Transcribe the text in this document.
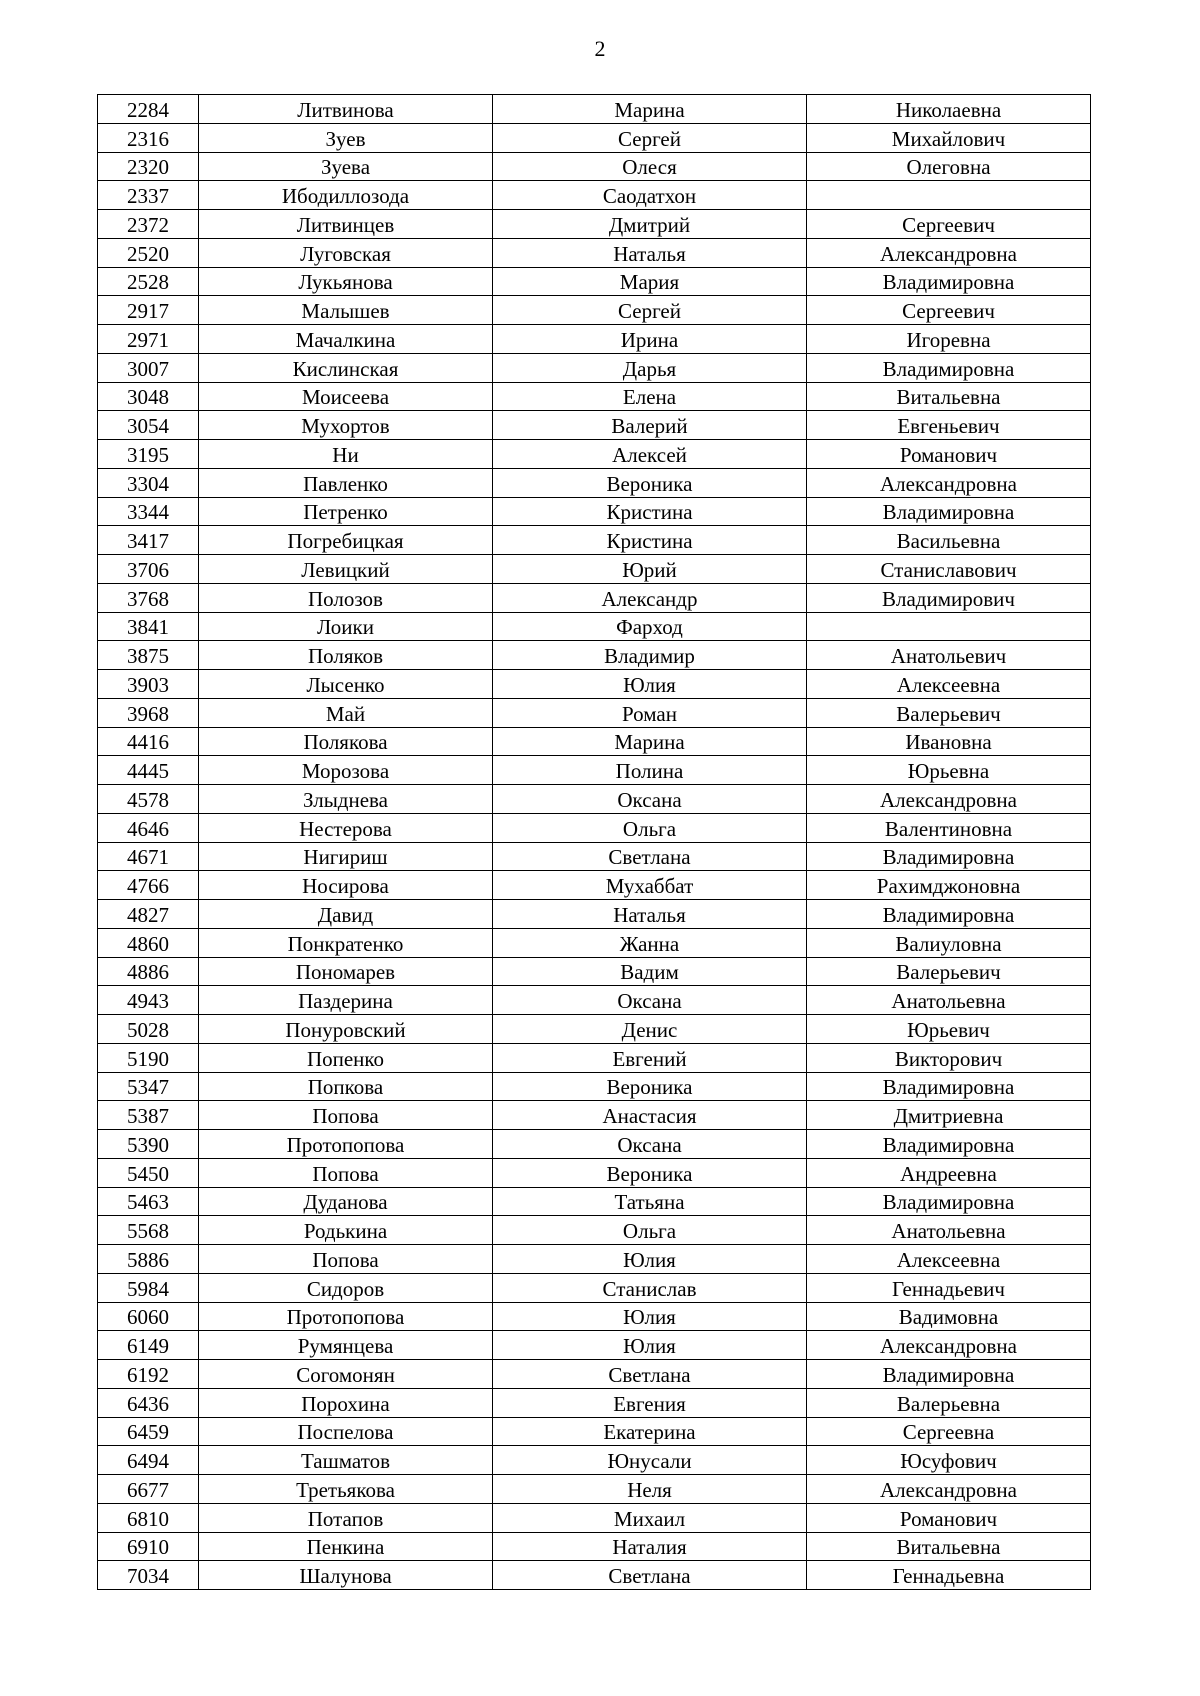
2
2284	Литвинова	Марина	Николаевна
2316	Зуев	Сергей	Михайлович
2320	Зуева	Олеся	Олеговна
2337	Ибодиллозода	Саодатхон	
2372	Литвинцев	Дмитрий	Сергеевич
2520	Луговская	Наталья	Александровна
2528	Лукьянова	Мария	Владимировна
2917	Малышев	Сергей	Сергеевич
2971	Мачалкина	Ирина	Игоревна
3007	Кислинская	Дарья	Владимировна
3048	Моисеева	Елена	Витальевна
3054	Мухортов	Валерий	Евгеньевич
3195	Ни	Алексей	Романович
3304	Павленко	Вероника	Александровна
3344	Петренко	Кристина	Владимировна
3417	Погребицкая	Кристина	Васильевна
3706	Левицкий	Юрий	Станиславович
3768	Полозов	Александр	Владимирович
3841	Лоики	Фарход	
3875	Поляков	Владимир	Анатольевич
3903	Лысенко	Юлия	Алексеевна
3968	Май	Роман	Валерьевич
4416	Полякова	Марина	Ивановна
4445	Морозова	Полина	Юрьевна
4578	Злыднева	Оксана	Александровна
4646	Нестерова	Ольга	Валентиновна
4671	Нигириш	Светлана	Владимировна
4766	Носирова	Мухаббат	Рахимджоновна
4827	Давид	Наталья	Владимировна
4860	Понкратенко	Жанна	Валиуловна
4886	Пономарев	Вадим	Валерьевич
4943	Паздерина	Оксана	Анатольевна
5028	Понуровский	Денис	Юрьевич
5190	Попенко	Евгений	Викторович
5347	Попкова	Вероника	Владимировна
5387	Попова	Анастасия	Дмитриевна
5390	Протопопова	Оксана	Владимировна
5450	Попова	Вероника	Андреевна
5463	Дуданова	Татьяна	Владимировна
5568	Родькина	Ольга	Анатольевна
5886	Попова	Юлия	Алексеевна
5984	Сидоров	Станислав	Геннадьевич
6060	Протопопова	Юлия	Вадимовна
6149	Румянцева	Юлия	Александровна
6192	Согомонян	Светлана	Владимировна
6436	Порохина	Евгения	Валерьевна
6459	Поспелова	Екатерина	Сергеевна
6494	Ташматов	Юнусали	Юсуфович
6677	Третьякова	Неля	Александровна
6810	Потапов	Михаил	Романович
6910	Пенкина	Наталия	Витальевна
7034	Шалунова	Светлана	Геннадьевна
